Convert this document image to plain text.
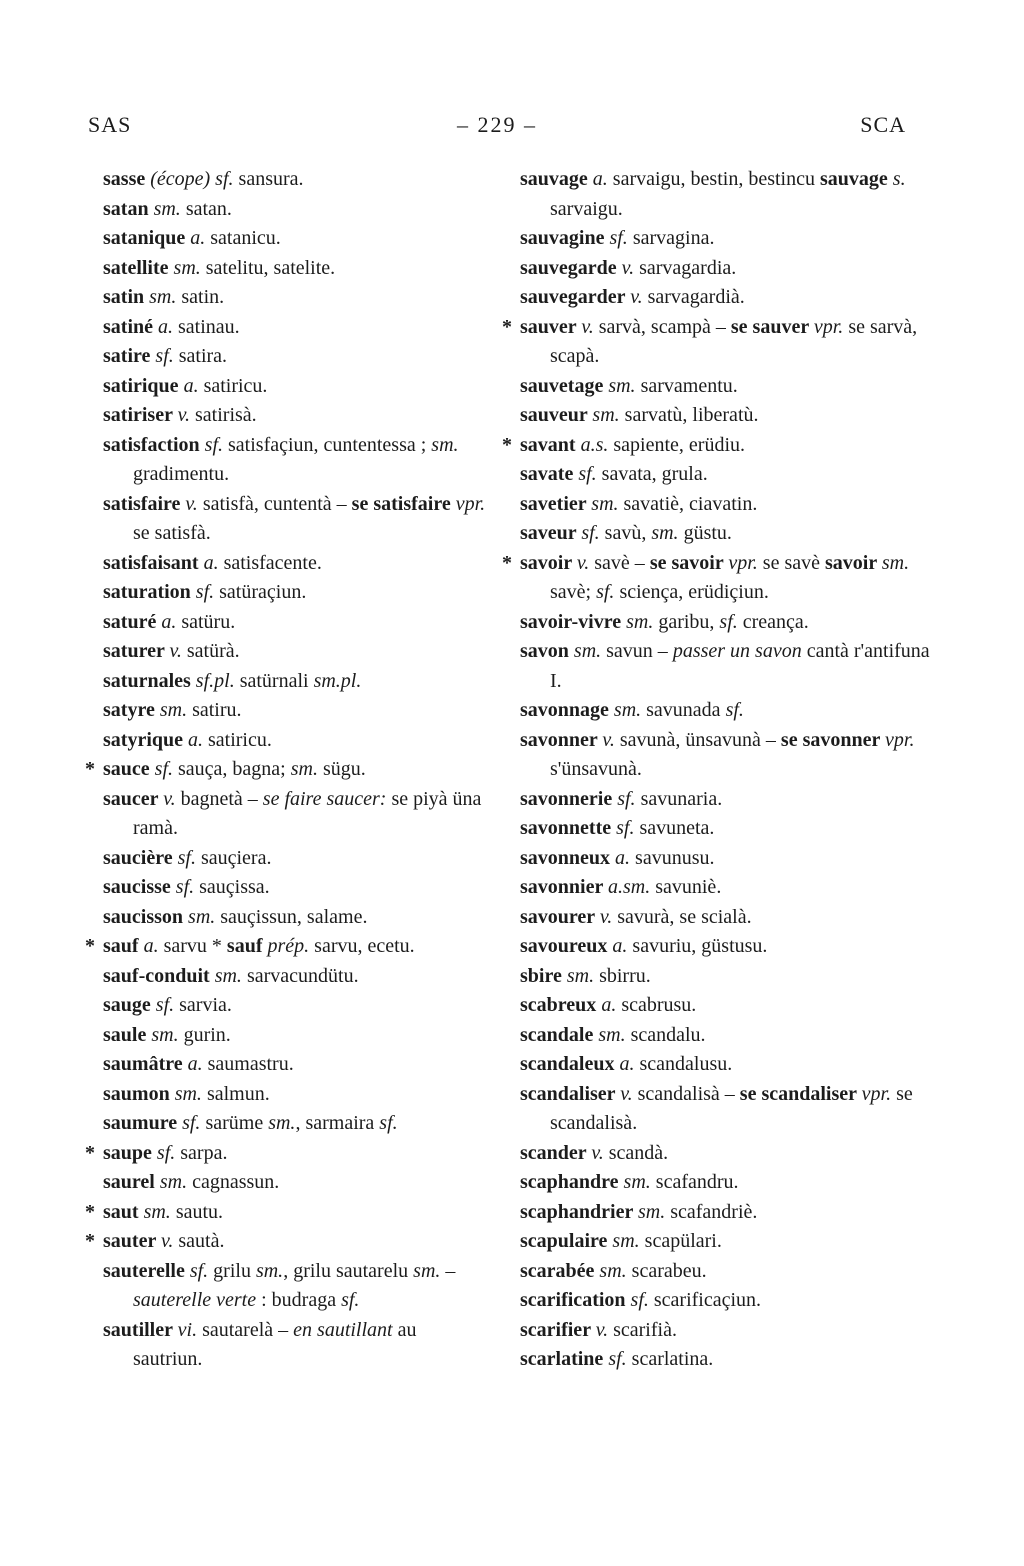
SAS	– 229 –	SCA
sasse (écope) sf. sansura.
satan sm. satan.
satanique a. satanicu.
satellite sm. satelitu, satelite.
satin sm. satin.
satiné a. satinau.
satire sf. satira.
satirique a. satiricu.
satiriser v. satirisà.
satisfaction sf. satisfaçiun, cuntentessa ; sm. gradimentu.
satisfaire v. satisfà, cuntentà – se satisfaire vpr. se satisfà.
satisfaisant a. satisfacente.
saturation sf. satüraçiun.
saturé a. satüru.
saturer v. satürà.
saturnales sf.pl. satürnali sm.pl.
satyre sm. satiru.
satyrique a. satiricu.
* sauce sf. sauça, bagna; sm. sügu.
saucer v. bagnetà – se faire saucer: se piyà üna ramà.
saucière sf. sauçiera.
saucisse sf. sauçissa.
saucisson sm. sauçissun, salame.
* sauf a. sarvu * sauf prép. sarvu, ecetu.
sauf-conduit sm. sarvacundütu.
sauge sf. sarvia.
saule sm. gurin.
saumâtre a. saumastru.
saumon sm. salmun.
saumure sf. sarüme sm., sarmaira sf.
* saupe sf. sarpa.
saurel sm. cagnassun.
* saut sm. sautu.
* sauter v. sautà.
sauterelle sf. grilu sm., grilu sautarelu sm. – sauterelle verte : budraga sf.
sautiller vi. sautarelà – en sautillant au sautriun.
sauvage a. sarvaigu, bestin, bestincu sauvage s. sarvaigu.
sauvagine sf. sarvagina.
sauvegarde v. sarvagardia.
sauvegarder v. sarvagardià.
* sauver v. sarvà, scampà – se sauver vpr. se sarvà, scapà.
sauvetage sm. sarvamentu.
sauveur sm. sarvatù, liberatù.
* savant a.s. sapiente, erüdiu.
savate sf. savata, grula.
savetier sm. savatiè, ciavatin.
saveur sf. savù, sm. güstu.
* savoir v. savè – se savoir vpr. se savè savoir sm. savè; sf. sciença, erüdiçiun.
savoir-vivre sm. garibu, sf. creança.
savon sm. savun – passer un savon cantà r'antifuna I.
savonnage sm. savunada sf.
savonner v. savunà, ünsavunà – se savonner vpr. s'ünsavunà.
savonnerie sf. savunaria.
savonnette sf. savuneta.
savonneux a. savunusu.
savonnier a.sm. savuniè.
savourer v. savurà, se scialà.
savoureux a. savuriu, güstusu.
sbire sm. sbirru.
scabreux a. scabrusu.
scandale sm. scandalu.
scandaleux a. scandalusu.
scandaliser v. scandalisà – se scandaliser vpr. se scandalisà.
scander v. scandà.
scaphandre sm. scafandru.
scaphandrier sm. scafandriè.
scapulaire sm. scapülari.
scarabée sm. scarabeu.
scarification sf. scarificaçiun.
scarifier v. scarifià.
scarlatine sf. scarlatina.
